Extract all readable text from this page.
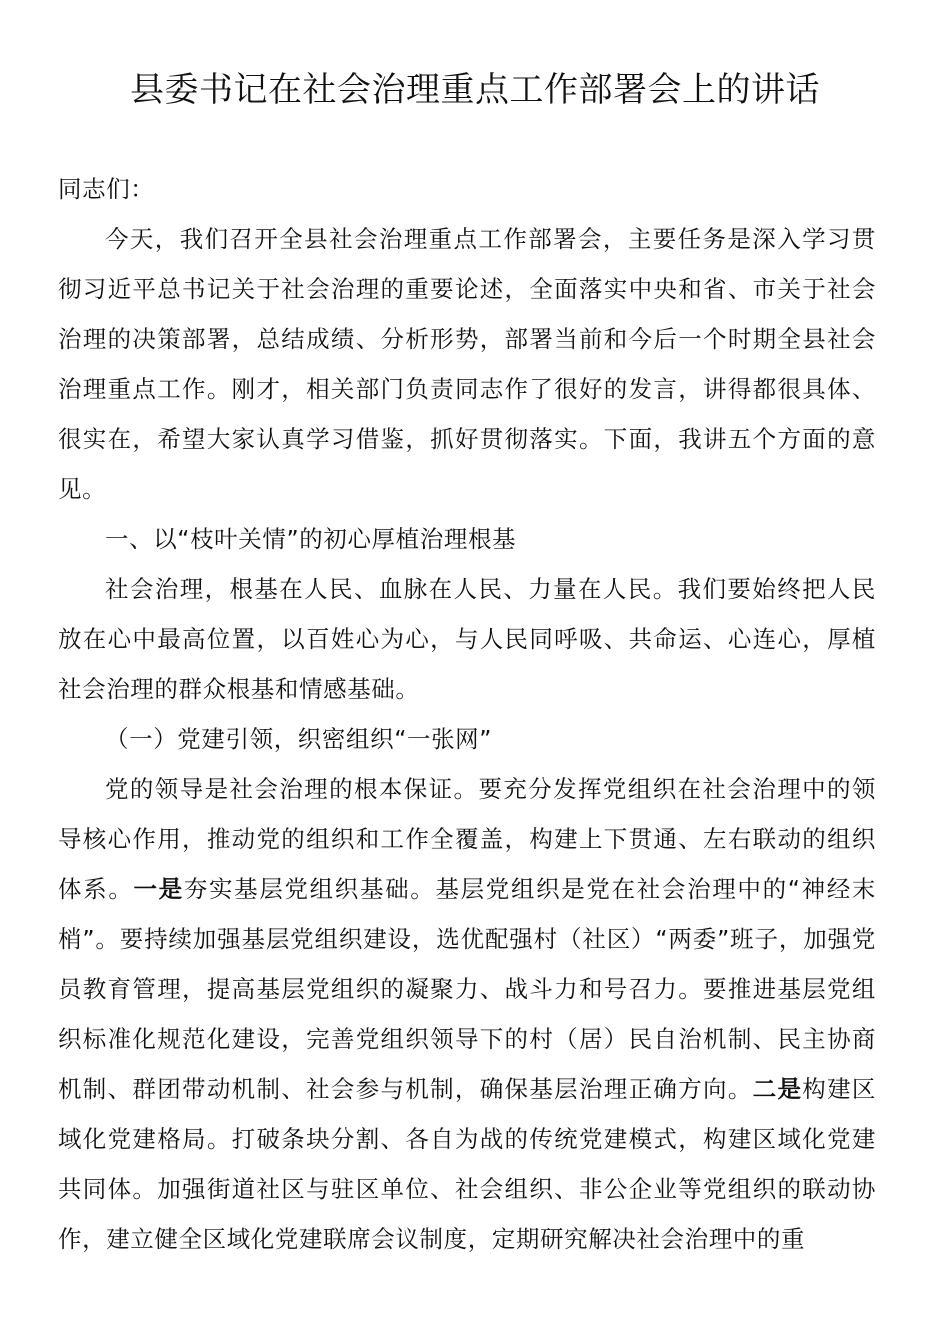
县委书记在社会治理重点工作部署会上的讲话

同志们：

今天，我们召开全县社会治理重点工作部署会，主要任务是深入学习贯彻习近平总书记关于社会治理的重要论述，全面落实中央和省、市关于社会治理的决策部署，总结成绩、分析形势，部署当前和今后一个时期全县社会治理重点工作。刚才，相关部门负责同志作了很好的发言，讲得都很具体、很实在，希望大家认真学习借鉴，抓好贯彻落实。下面，我讲五个方面的意见。

一、以“枝叶关情”的初心厚植治理根基

社会治理，根基在人民、血脉在人民、力量在人民。我们要始终把人民放在心中最高位置，以百姓心为心，与人民同呼吸、共命运、心连心，厚植社会治理的群众根基和情感基础。

（一）党建引领，织密组织“一张网”

党的领导是社会治理的根本保证。要充分发挥党组织在社会治理中的领导核心作用，推动党的组织和工作全覆盖，构建上下贯通、左右联动的组织体系。一是夯实基层党组织基础。基层党组织是党在社会治理中的“神经末梢”。要持续加强基层党组织建设，选优配强村（社区）“两委”班子，加强党员教育管理，提高基层党组织的凝聚力、战斗力和号召力。要推进基层党组织标准化规范化建设，完善党组织领导下的村（居）民自治机制、民主协商机制、群团带动机制、社会参与机制，确保基层治理正确方向。二是构建区域化党建格局。打破条块分割、各自为战的传统党建模式，构建区域化党建共同体。加强街道社区与驻区单位、社会组织、非公企业等党组织的联动协作，建立健全区域化党建联席会议制度，定期研究解决社会治理中的重
